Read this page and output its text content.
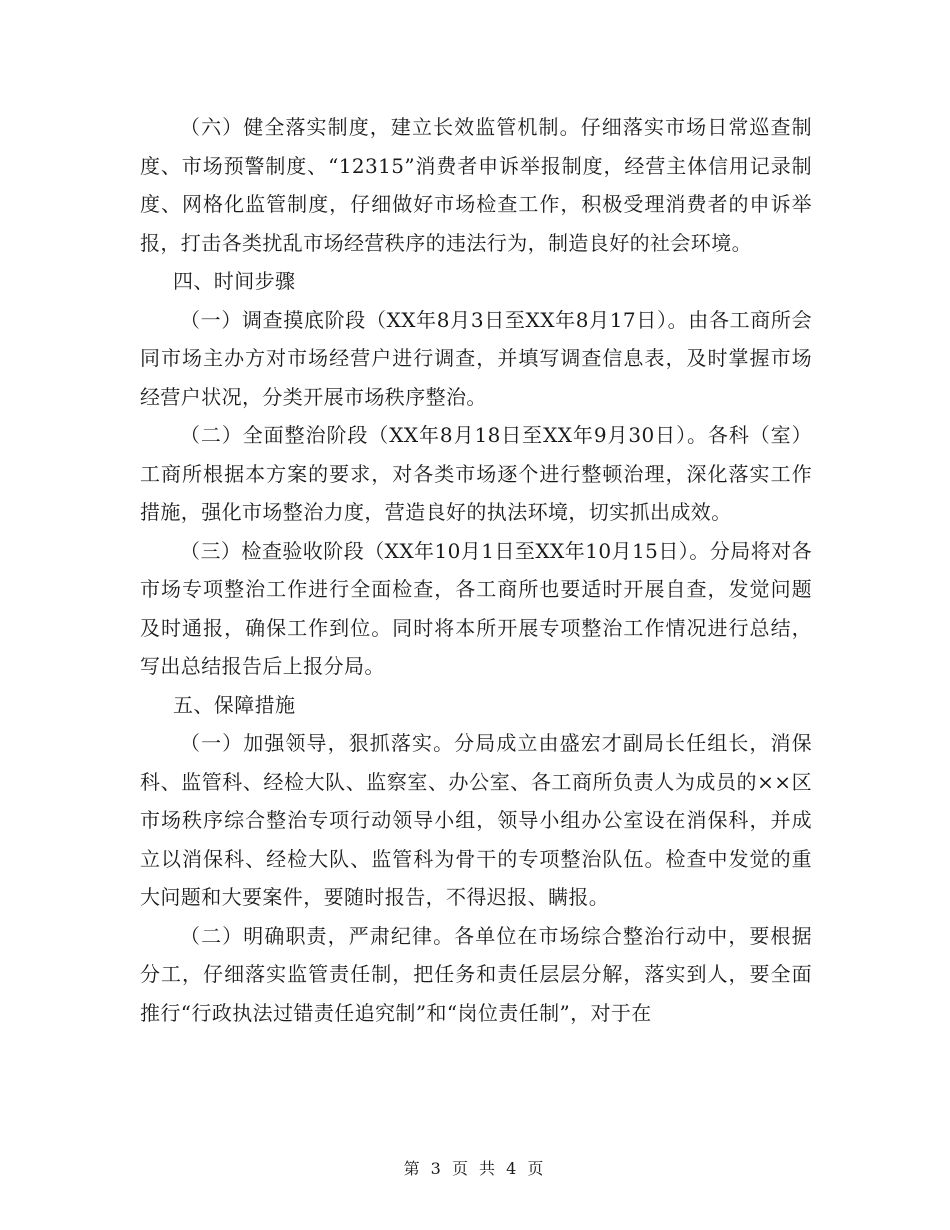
（六）健全落实制度，建立长效监管机制。仔细落实市场日常巡查制度、市场预警制度、“12315”消费者申诉举报制度，经营主体信用记录制度、网格化监管制度，仔细做好市场检查工作，积极受理消费者的申诉举报，打击各类扰乱市场经营秩序的违法行为，制造良好的社会环境。

四、时间步骤

（一）调查摸底阶段（XX年8月3日至XX年8月17日）。由各工商所会同市场主办方对市场经营户进行调查，并填写调查信息表，及时掌握市场经营户状况，分类开展市场秩序整治。

（二）全面整治阶段（XX年8月18日至XX年9月30日）。各科（室）工商所根据本方案的要求，对各类市场逐个进行整顿治理，深化落实工作措施，强化市场整治力度，营造良好的执法环境，切实抓出成效。

（三）检查验收阶段（XX年10月1日至XX年10月15日）。分局将对各市场专项整治工作进行全面检查，各工商所也要适时开展自查，发觉问题及时通报，确保工作到位。同时将本所开展专项整治工作情况进行总结，写出总结报告后上报分局。

五、保障措施

（一）加强领导，狠抓落实。分局成立由盛宏才副局长任组长，消保科、监管科、经检大队、监察室、办公室、各工商所负责人为成员的××区市场秩序综合整治专项行动领导小组，领导小组办公室设在消保科，并成立以消保科、经检大队、监管科为骨干的专项整治队伍。检查中发觉的重大问题和大要案件，要随时报告，不得迟报、瞒报。

（二）明确职责，严肃纪律。各单位在市场综合整治行动中，要根据分工，仔细落实监管责任制，把任务和责任层层分解，落实到人，要全面推行“行政执法过错责任追究制”和“岗位责任制”，对于在

第 3 页 共 4 页
